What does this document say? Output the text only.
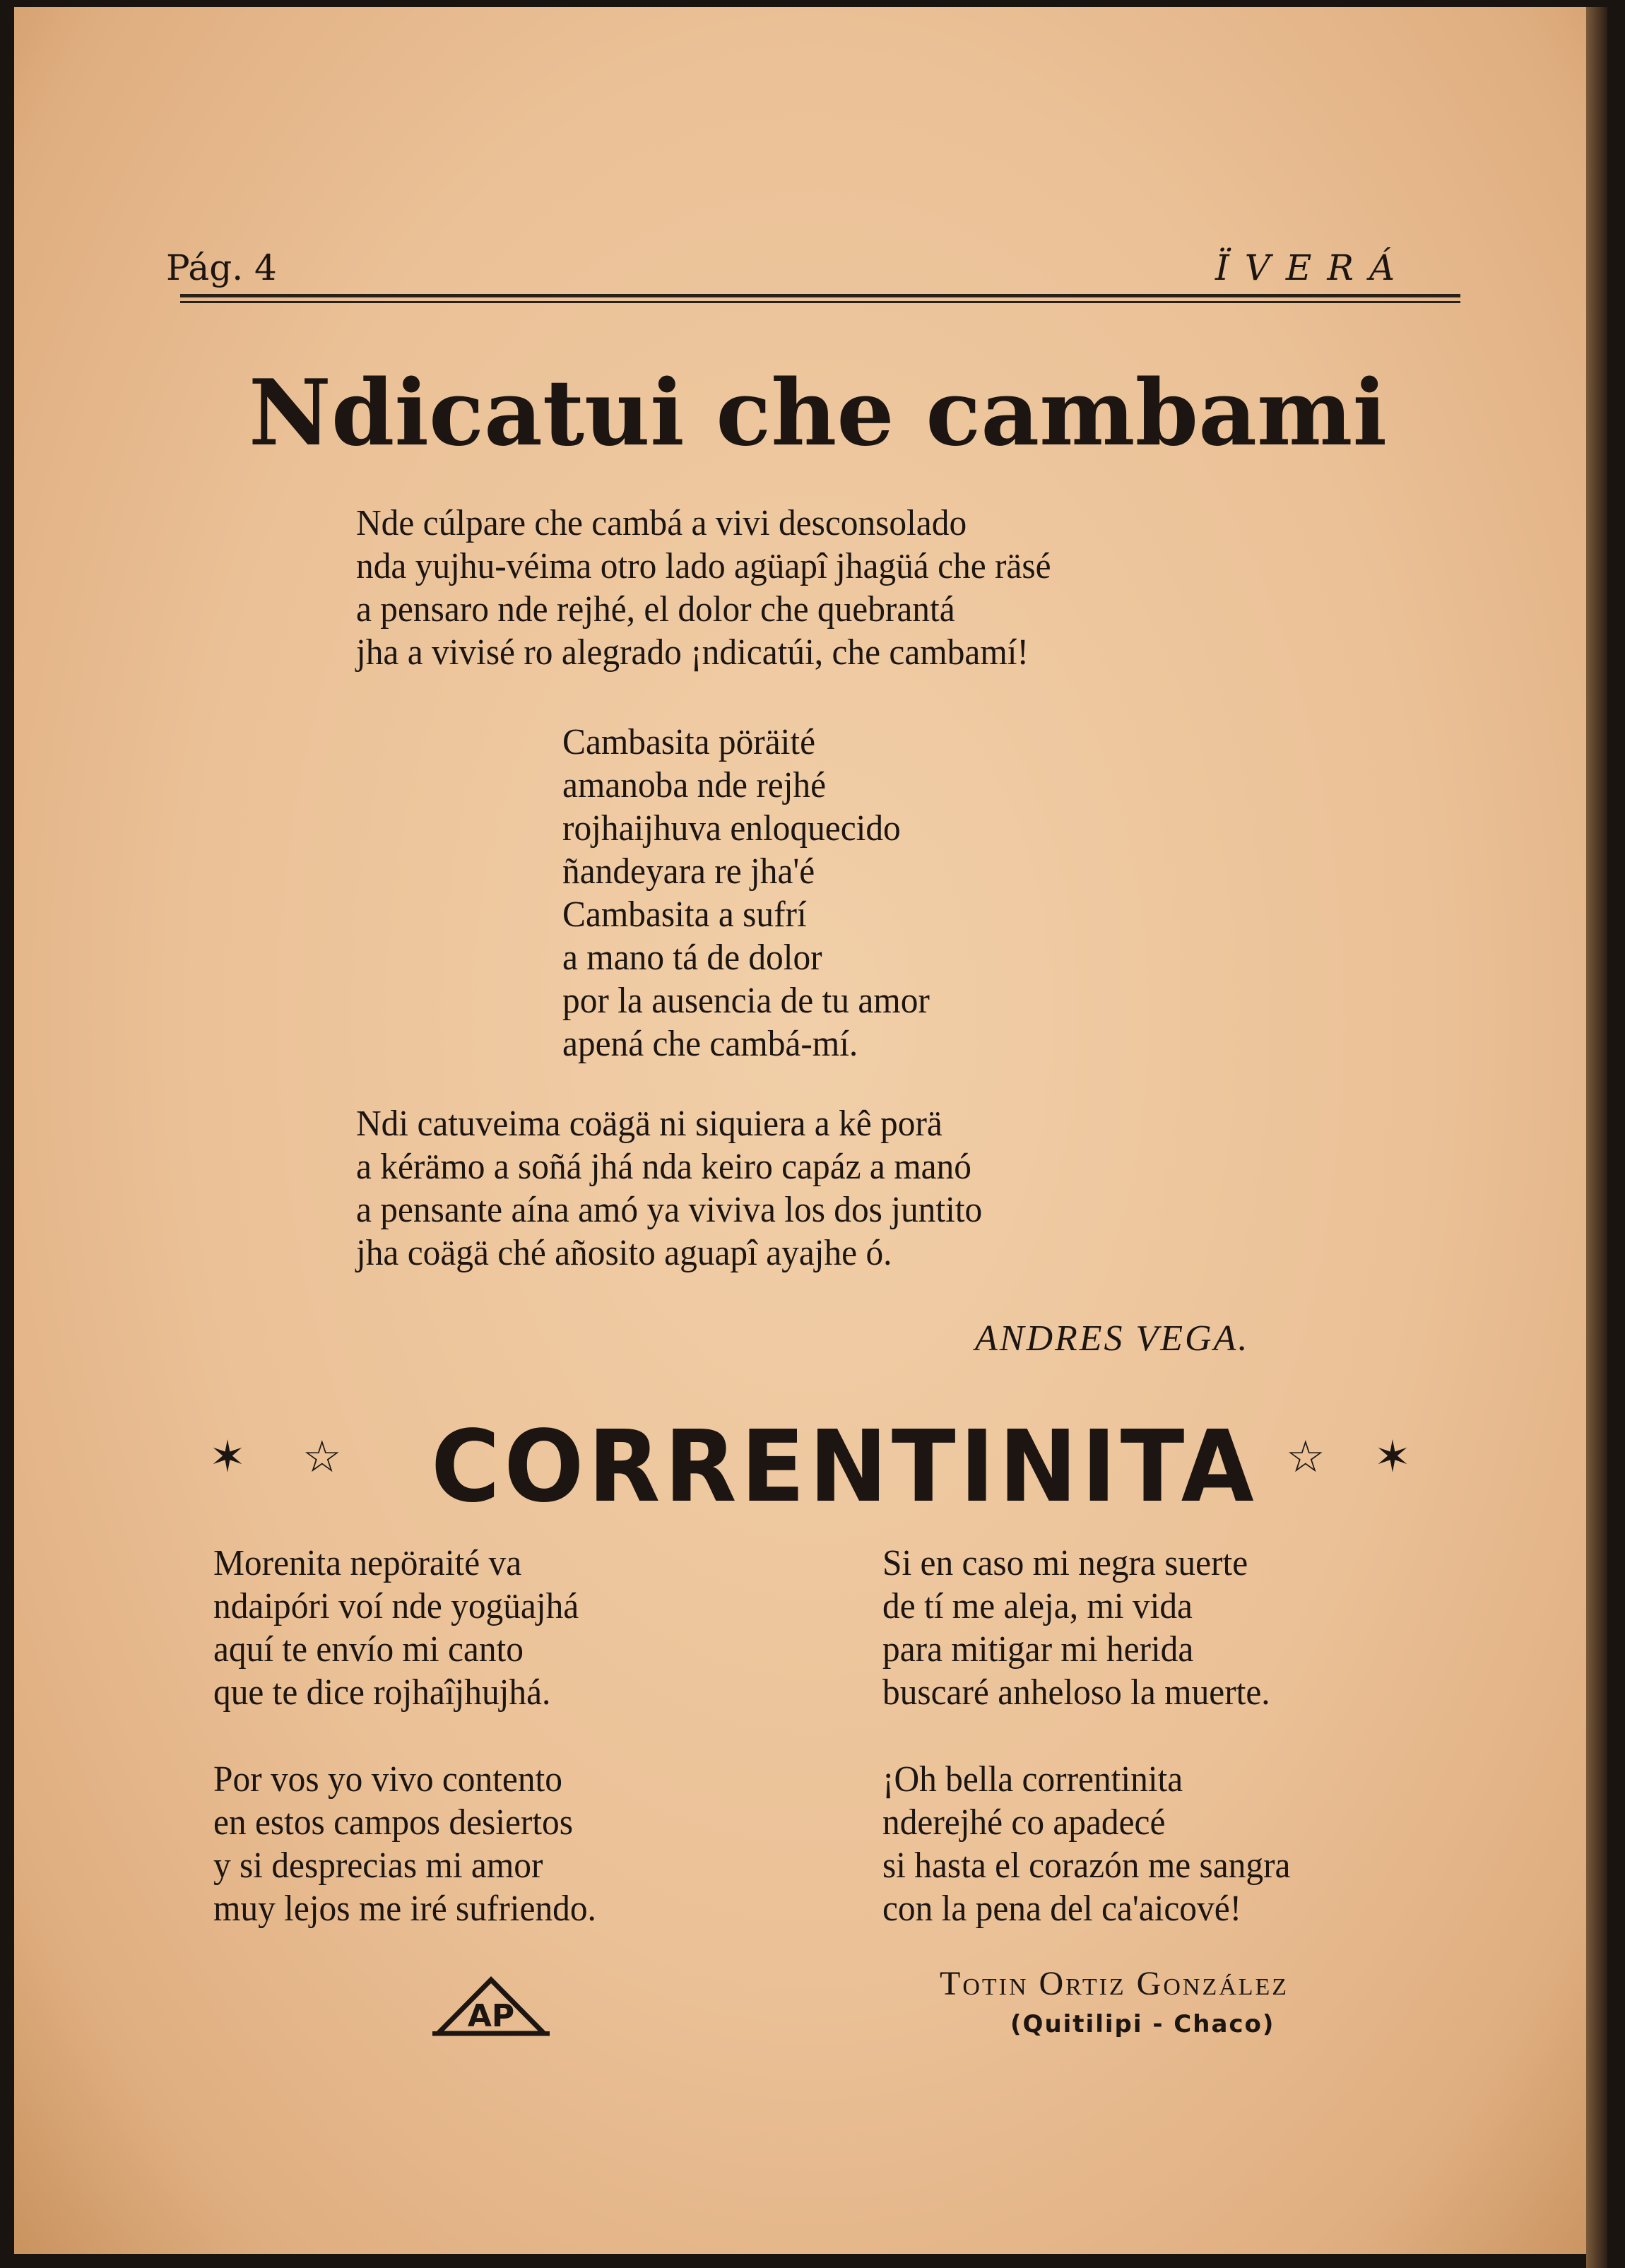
Pág. 4	ÏVERÁ
Ndicatui che cambami
Nde cúlpare che cambá a vivi desconsolado
nda yujhu-véima otro lado agüapî jhagüá che räsé
a pensaro nde rejhé, el dolor che quebrantá
jha a vivisé ro alegrado ¡ndicatúi, che cambamí!
Cambasita pöräité
amanoba nde rejhé
rojhaijhuva enloquecido
ñandeyara re jha'é
Cambasita a sufrí
a mano tá de dolor
por la ausencia de tu amor
apená che cambá-mí.
Ndi catuveima coägä ni siquiera a kê porä
a kérämo a soñá jhá nda keiro capáz a manó
a pensante aína amó ya viviva los dos juntito
jha coägä ché añosito aguapî ayajhe ó.
ANDRES VEGA.
✶ ☆ CORRENTINITA ☆ ✶
Morenita nepöraité va
ndaipóri voí nde yogüajhá
aquí te envío mi canto
que te dice rojhaîjhujhá.
Por vos yo vivo contento
en estos campos desiertos
y si desprecias mi amor
muy lejos me iré sufriendo.
Si en caso mi negra suerte
de tí me aleja, mi vida
para mitigar mi herida
buscaré anheloso la muerte.
¡Oh bella correntinita
nderejhé co apadecé
si hasta el corazón me sangra
con la pena del ca'aicové!
AP
Totin Ortiz González
(Quitilipi - Chaco)
